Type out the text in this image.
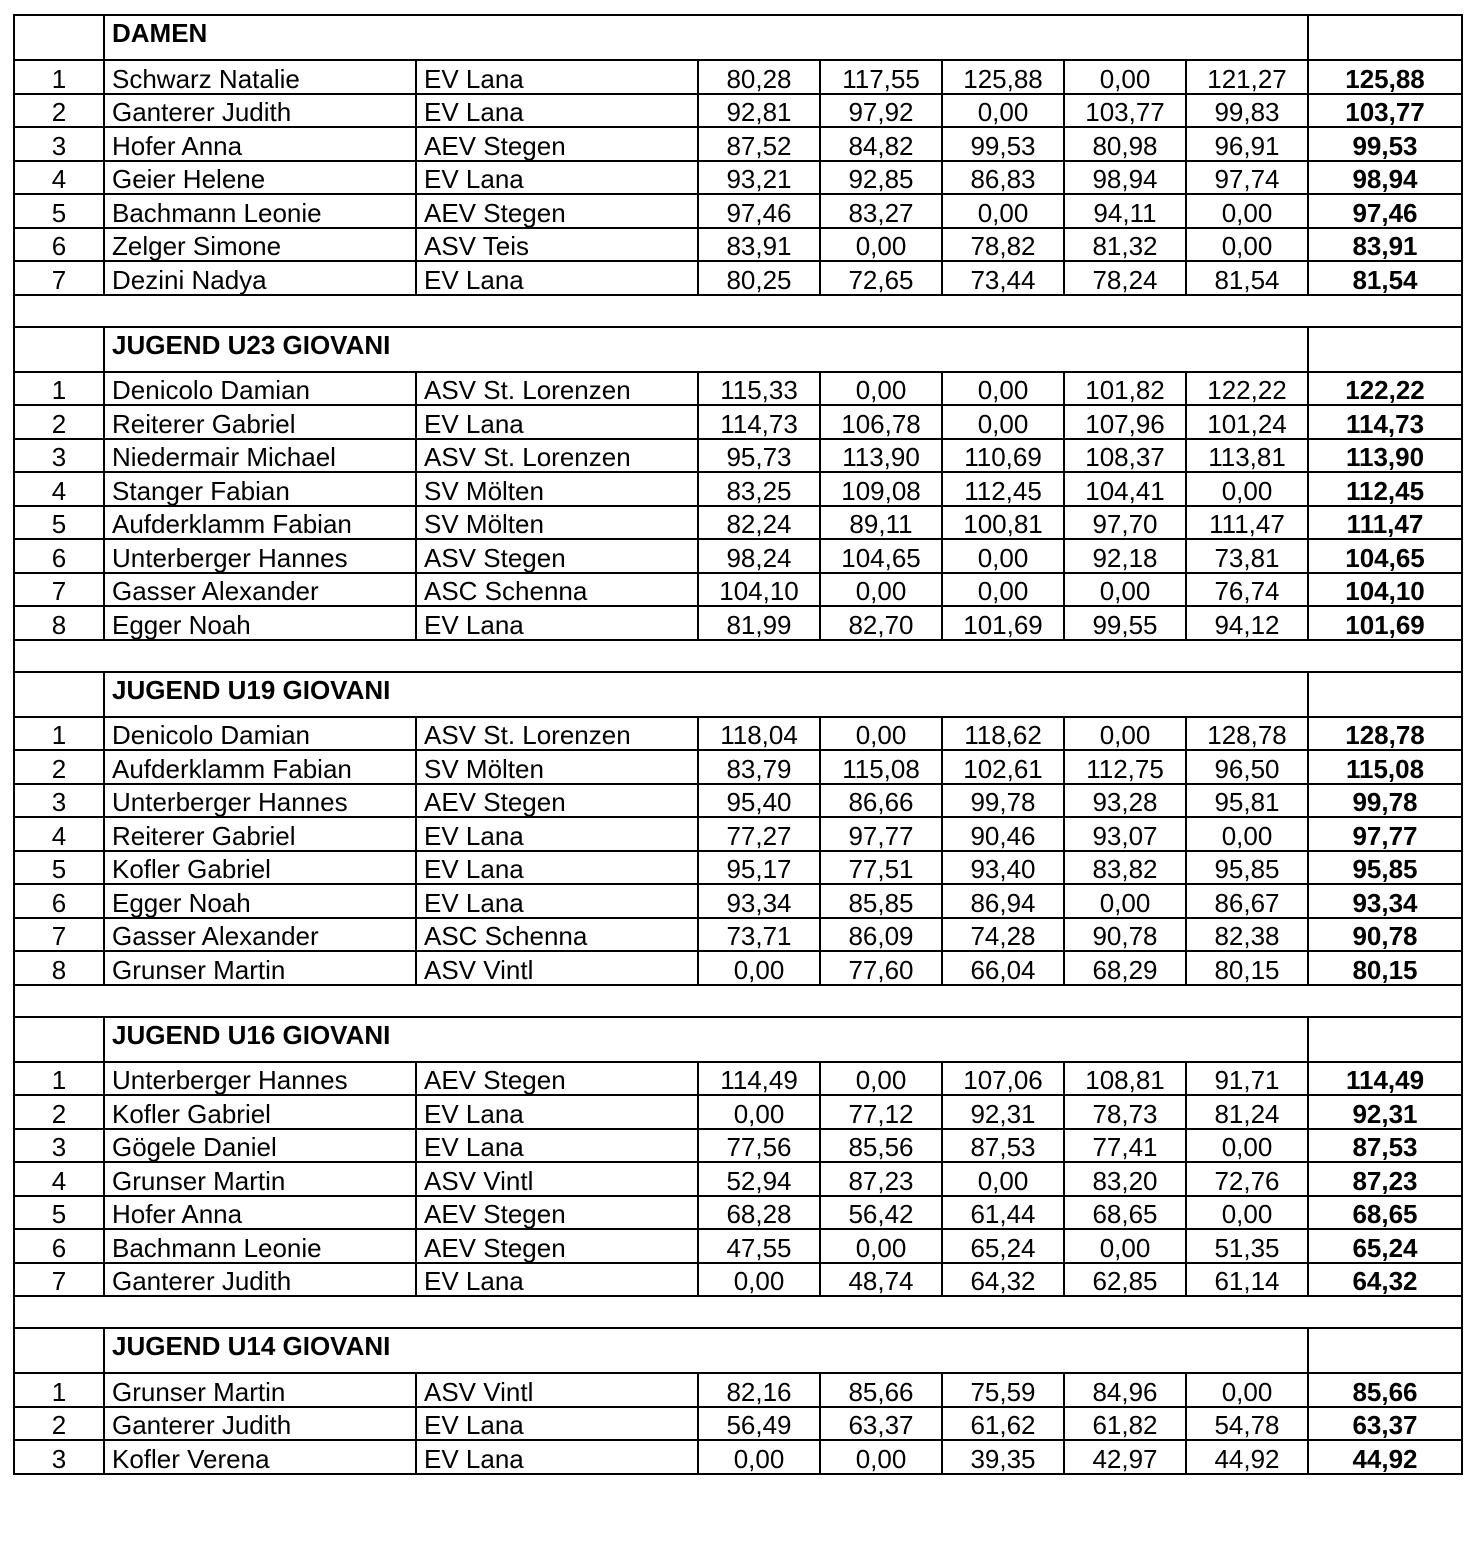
	DAMEN							
1	Schwarz Natalie	EV Lana	80,28	117,55	125,88	0,00	121,27	125,88
2	Ganterer Judith	EV Lana	92,81	97,92	0,00	103,77	99,83	103,77
3	Hofer Anna	AEV Stegen	87,52	84,82	99,53	80,98	96,91	99,53
4	Geier Helene	EV Lana	93,21	92,85	86,83	98,94	97,74	98,94
5	Bachmann Leonie	AEV Stegen	97,46	83,27	0,00	94,11	0,00	97,46
6	Zelger Simone	ASV Teis	83,91	0,00	78,82	81,32	0,00	83,91
7	Dezini Nadya	EV Lana	80,25	72,65	73,44	78,24	81,54	81,54

	JUGEND U23 GIOVANI							
1	Denicolo Damian	ASV St. Lorenzen	115,33	0,00	0,00	101,82	122,22	122,22
2	Reiterer Gabriel	EV Lana	114,73	106,78	0,00	107,96	101,24	114,73
3	Niedermair Michael	ASV St. Lorenzen	95,73	113,90	110,69	108,37	113,81	113,90
4	Stanger Fabian	SV Mölten	83,25	109,08	112,45	104,41	0,00	112,45
5	Aufderklamm Fabian	SV Mölten	82,24	89,11	100,81	97,70	111,47	111,47
6	Unterberger Hannes	ASV Stegen	98,24	104,65	0,00	92,18	73,81	104,65
7	Gasser Alexander	ASC Schenna	104,10	0,00	0,00	0,00	76,74	104,10
8	Egger Noah	EV Lana	81,99	82,70	101,69	99,55	94,12	101,69

	JUGEND U19 GIOVANI							
1	Denicolo Damian	ASV St. Lorenzen	118,04	0,00	118,62	0,00	128,78	128,78
2	Aufderklamm Fabian	SV Mölten	83,79	115,08	102,61	112,75	96,50	115,08
3	Unterberger Hannes	AEV Stegen	95,40	86,66	99,78	93,28	95,81	99,78
4	Reiterer Gabriel	EV Lana	77,27	97,77	90,46	93,07	0,00	97,77
5	Kofler Gabriel	EV Lana	95,17	77,51	93,40	83,82	95,85	95,85
6	Egger Noah	EV Lana	93,34	85,85	86,94	0,00	86,67	93,34
7	Gasser Alexander	ASC Schenna	73,71	86,09	74,28	90,78	82,38	90,78
8	Grunser Martin	ASV Vintl	0,00	77,60	66,04	68,29	80,15	80,15

	JUGEND U16 GIOVANI							
1	Unterberger Hannes	AEV Stegen	114,49	0,00	107,06	108,81	91,71	114,49
2	Kofler Gabriel	EV Lana	0,00	77,12	92,31	78,73	81,24	92,31
3	Gögele Daniel	EV Lana	77,56	85,56	87,53	77,41	0,00	87,53
4	Grunser Martin	ASV Vintl	52,94	87,23	0,00	83,20	72,76	87,23
5	Hofer Anna	AEV Stegen	68,28	56,42	61,44	68,65	0,00	68,65
6	Bachmann Leonie	AEV Stegen	47,55	0,00	65,24	0,00	51,35	65,24
7	Ganterer Judith	EV Lana	0,00	48,74	64,32	62,85	61,14	64,32

	JUGEND U14 GIOVANI							
1	Grunser Martin	ASV Vintl	82,16	85,66	75,59	84,96	0,00	85,66
2	Ganterer Judith	EV Lana	56,49	63,37	61,62	61,82	54,78	63,37
3	Kofler Verena	EV Lana	0,00	0,00	39,35	42,97	44,92	44,92
